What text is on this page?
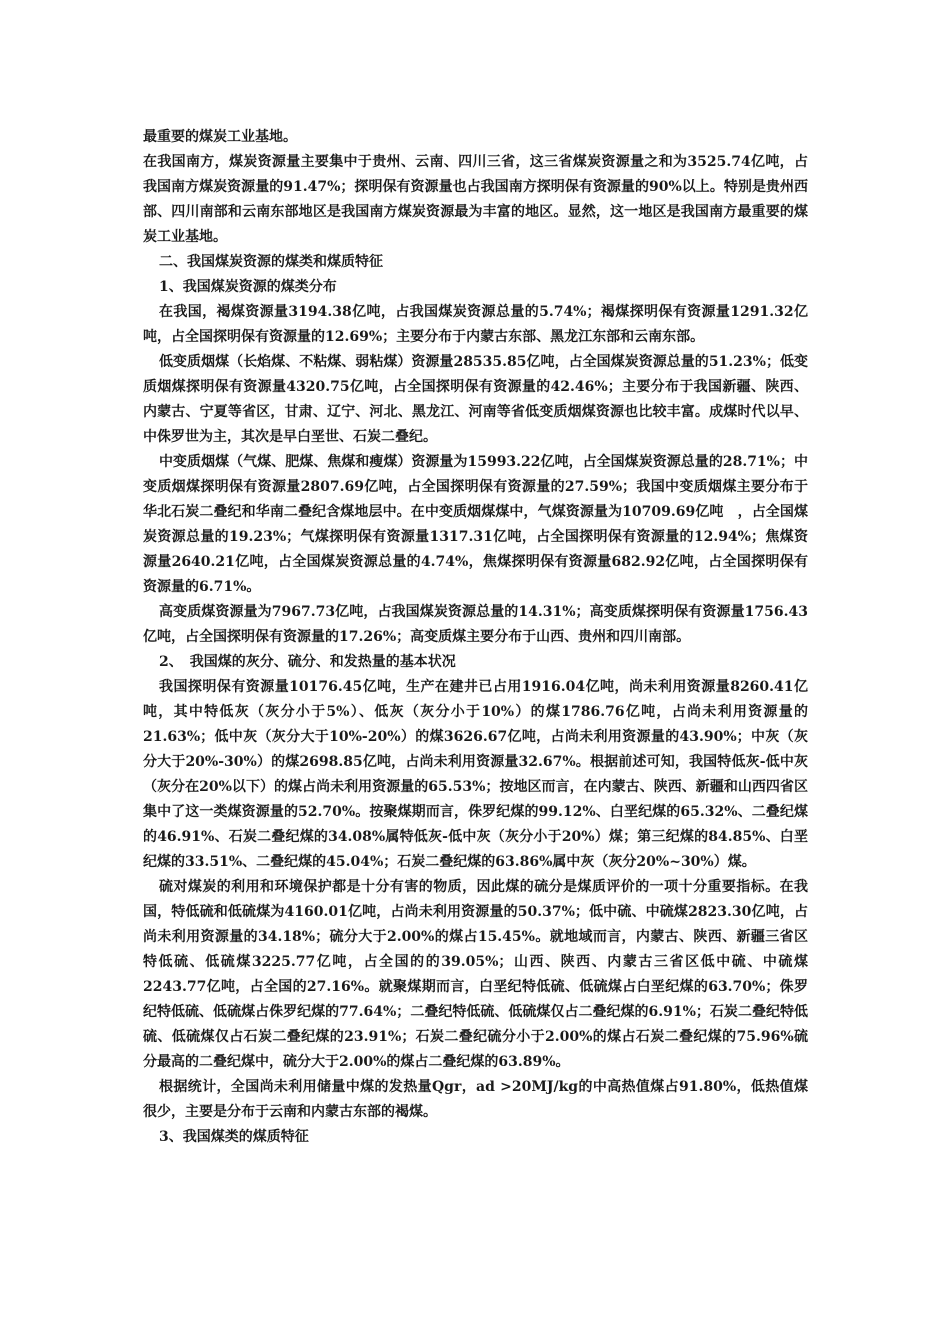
最重要的煤炭工业基地。

在我国南方，煤炭资源量主要集中于贵州、云南、四川三省，这三省煤炭资源量之和为3525.74亿吨，占我国南方煤炭资源量的91.47%；探明保有资源量也占我国南方探明保有资源量的90%以上。特别是贵州西部、四川南部和云南东部地区是我国南方煤炭资源最为丰富的地区。显然，这一地区是我国南方最重要的煤炭工业基地。

二、我国煤炭资源的煤类和煤质特征

1、我国煤炭资源的煤类分布

在我国，褐煤资源量3194.38亿吨，占我国煤炭资源总量的5.74%；褐煤探明保有资源量1291.32亿吨，占全国探明保有资源量的12.69%；主要分布于内蒙古东部、黑龙江东部和云南东部。

低变质烟煤（长焰煤、不粘煤、弱粘煤）资源量28535.85亿吨，占全国煤炭资源总量的51.23%；低变质烟煤探明保有资源量4320.75亿吨，占全国探明保有资源量的42.46%；主要分布于我国新疆、陕西、内蒙古、宁夏等省区，甘肃、辽宁、河北、黑龙江、河南等省低变质烟煤资源也比较丰富。成煤时代以早、中侏罗世为主，其次是早白垩世、石炭二叠纪。

中变质烟煤（气煤、肥煤、焦煤和瘦煤）资源量为15993.22亿吨，占全国煤炭资源总量的28.71%；中变质烟煤探明保有资源量2807.69亿吨，占全国探明保有资源量的27.59%；我国中变质烟煤主要分布于华北石炭二叠纪和华南二叠纪含煤地层中。在中变质烟煤煤中，气煤资源量为10709.69亿吨　，占全国煤炭资源总量的19.23%；气煤探明保有资源量1317.31亿吨，占全国探明保有资源量的12.94%；焦煤资源量2640.21亿吨，占全国煤炭资源总量的4.74%，焦煤探明保有资源量682.92亿吨，占全国探明保有资源量的6.71%。

高变质煤资源量为7967.73亿吨，占我国煤炭资源总量的14.31%；高变质煤探明保有资源量1756.43亿吨，占全国探明保有资源量的17.26%；高变质煤主要分布于山西、贵州和四川南部。

2、　我国煤的灰分、硫分、和发热量的基本状况

我国探明保有资源量10176.45亿吨，生产在建井已占用1916.04亿吨，尚未利用资源量8260.41亿吨，其中特低灰（灰分小于5%）、低灰（灰分小于10%）的煤1786.76亿吨，占尚未利用资源量的21.63%；低中灰（灰分大于10%-20%）的煤3626.67亿吨，占尚未利用资源量的43.90%；中灰（灰分大于20%-30%）的煤2698.85亿吨，占尚未利用资源量32.67%。根据前述可知，我国特低灰-低中灰（灰分在20%以下）的煤占尚未利用资源量的65.53%；按地区而言，在内蒙古、陕西、新疆和山西四省区集中了这一类煤资源量的52.70%。按聚煤期而言，侏罗纪煤的99.12%、白垩纪煤的65.32%、二叠纪煤的46.91%、石炭二叠纪煤的34.08%属特低灰-低中灰（灰分小于20%）煤；第三纪煤的84.85%、白垩纪煤的33.51%、二叠纪煤的45.04%；石炭二叠纪煤的63.86%属中灰（灰分20%~30%）煤。

硫对煤炭的利用和环境保护都是十分有害的物质，因此煤的硫分是煤质评价的一项十分重要指标。在我国，特低硫和低硫煤为4160.01亿吨，占尚未利用资源量的50.37%；低中硫、中硫煤2823.30亿吨，占尚未利用资源量的34.18%；硫分大于2.00%的煤占15.45%。就地域而言，内蒙古、陕西、新疆三省区特低硫、低硫煤3225.77亿吨，占全国的的39.05%；山西、陕西、内蒙古三省区低中硫、中硫煤2243.77亿吨，占全国的27.16%。就聚煤期而言，白垩纪特低硫、低硫煤占白垩纪煤的63.70%；侏罗纪特低硫、低硫煤占侏罗纪煤的77.64%；二叠纪特低硫、低硫煤仅占二叠纪煤的6.91%；石炭二叠纪特低硫、低硫煤仅占石炭二叠纪煤的23.91%；石炭二叠纪硫分小于2.00%的煤占石炭二叠纪煤的75.96%硫分最高的二叠纪煤中，硫分大于2.00%的煤占二叠纪煤的63.89%。

根据统计，全国尚未利用储量中煤的发热量Qgr，ad >20MJ/kg的中高热值煤占91.80%，低热值煤很少，主要是分布于云南和内蒙古东部的褐煤。

3、我国煤类的煤质特征
